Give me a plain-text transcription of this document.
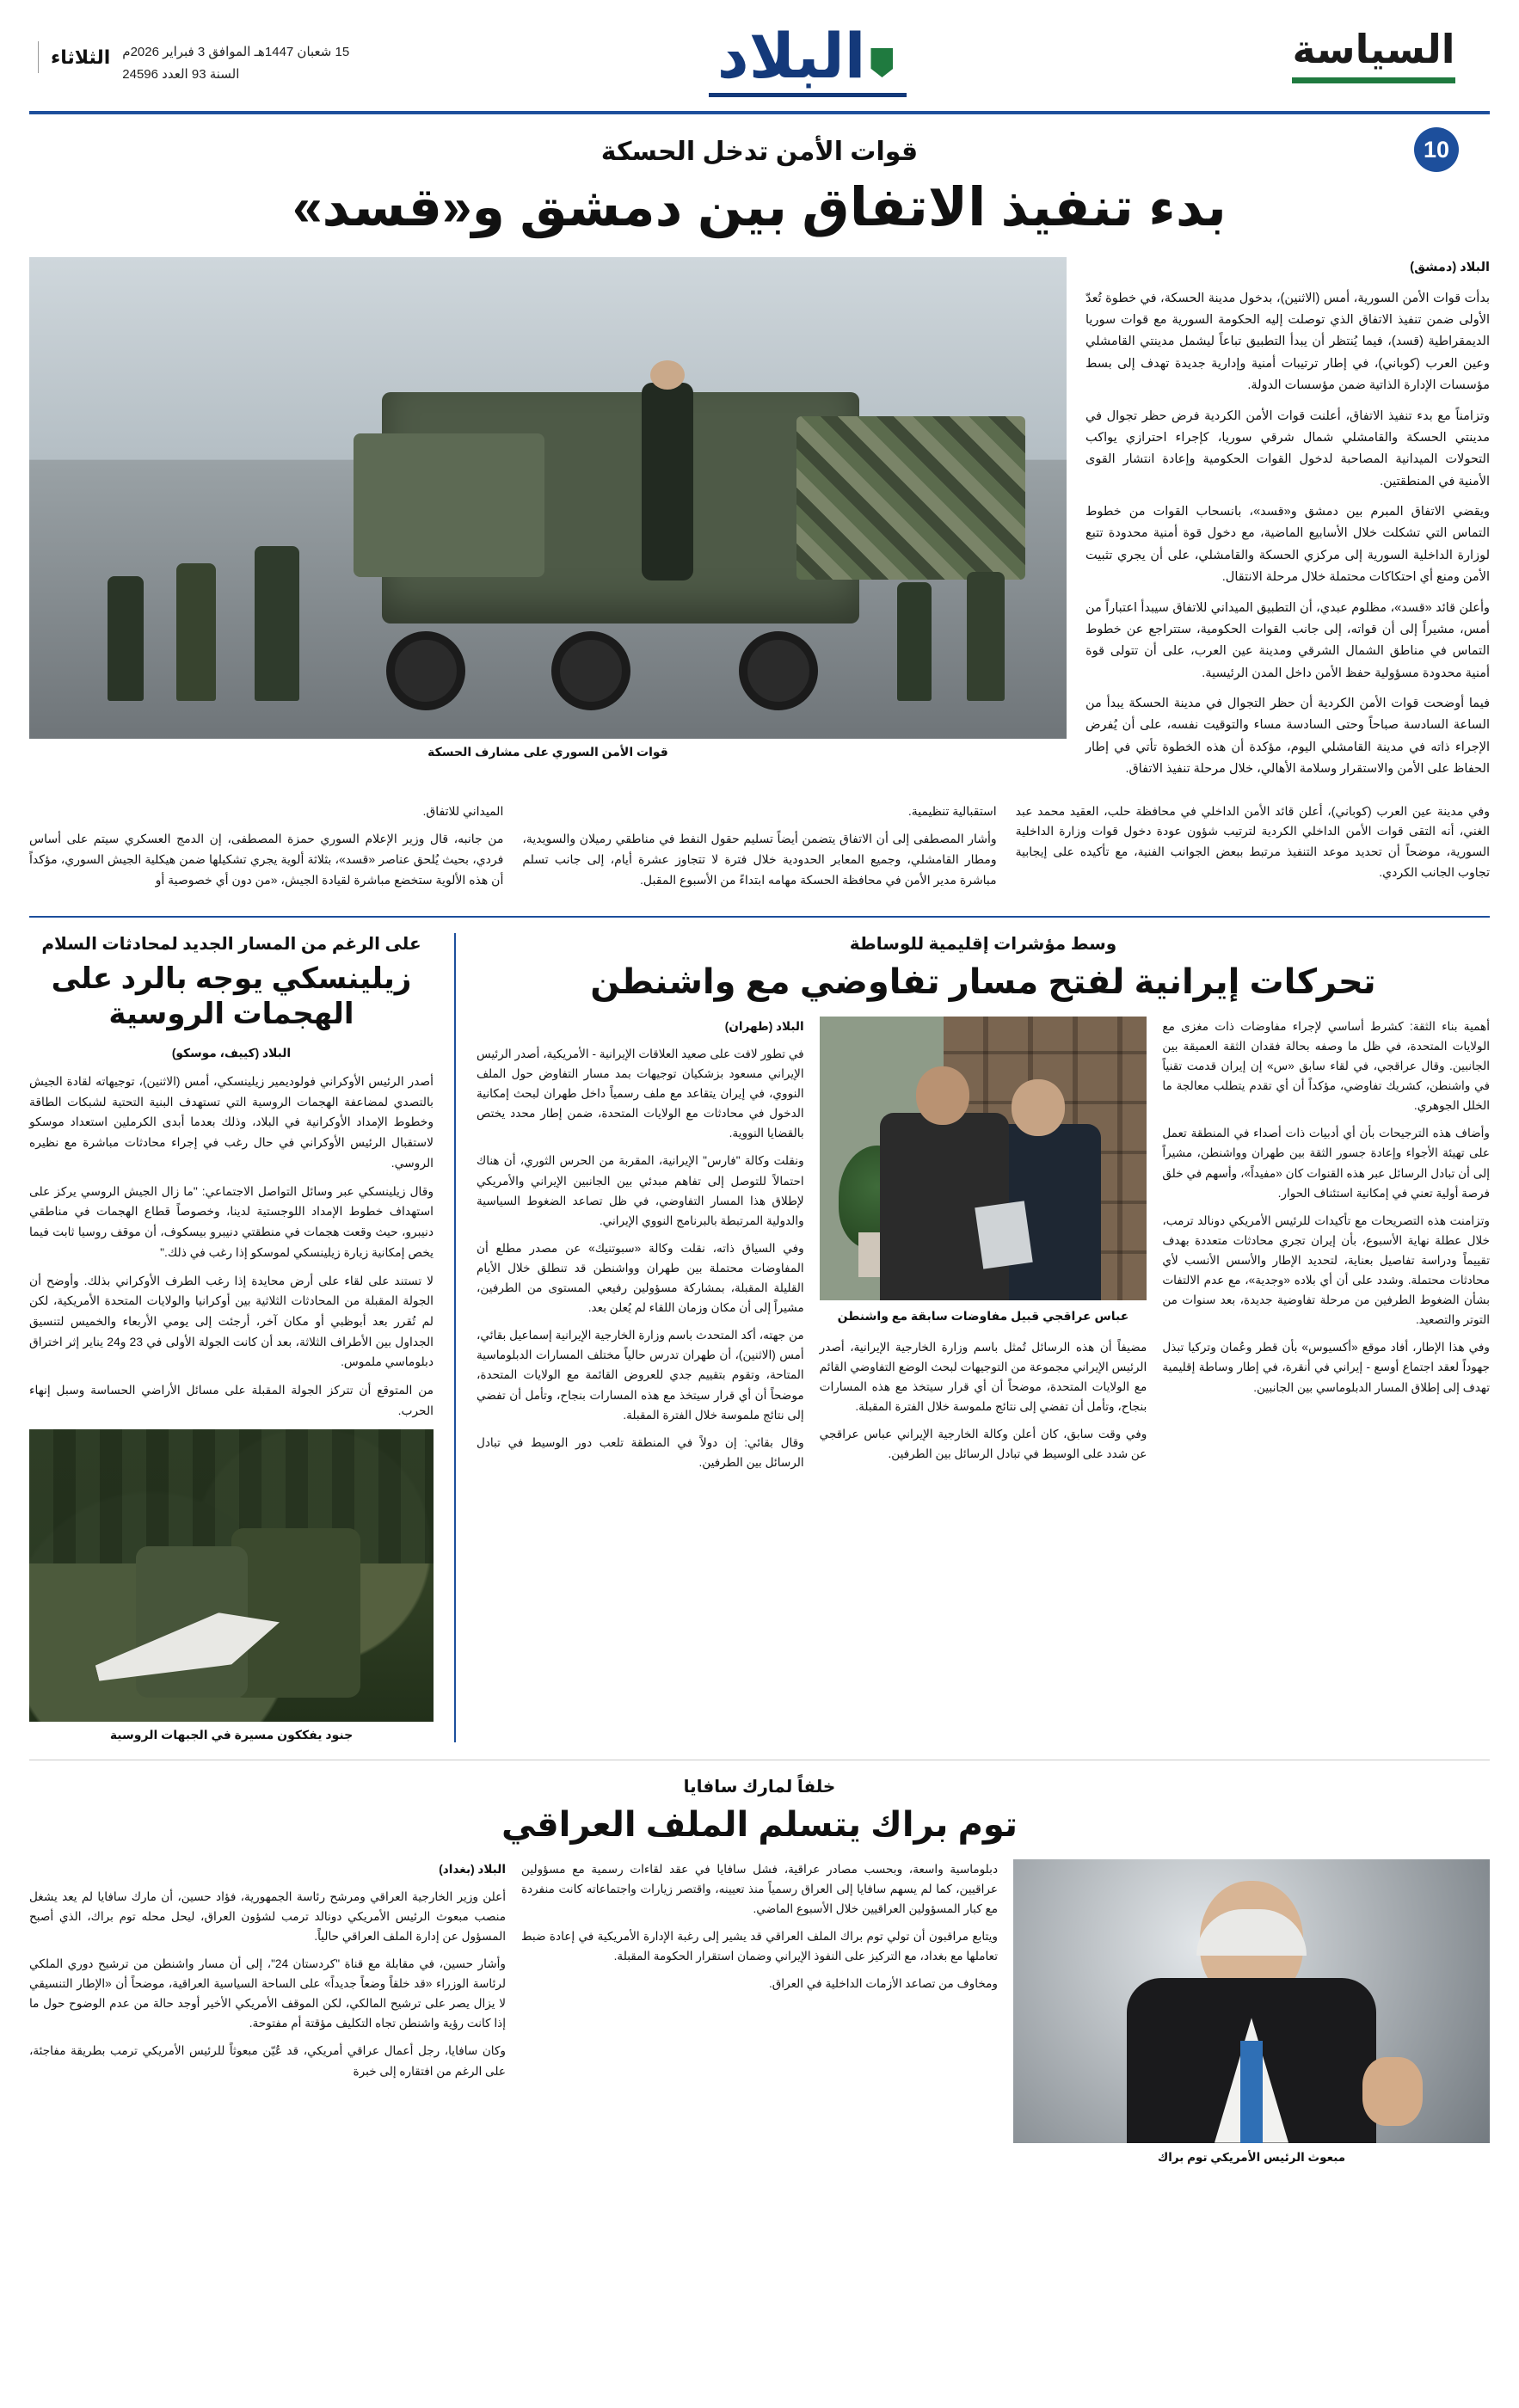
السياسة
البلاد
15 شعبان 1447هـ الموافق 3 فبراير 2026م
السنة 93 العدد 24596
الثلاثاء
10
قوات الأمن تدخل الحسكة
بدء تنفيذ الاتفاق بين دمشق و«قسد»

البلاد (دمشق)

بدأت قوات الأمن السورية، أمس (الاثنين)، بدخول مدينة الحسكة، في خطوة تُعدّ الأولى ضمن تنفيذ الاتفاق الذي توصلت إليه الحكومة السورية مع قوات سوريا الديمقراطية (قسد)، فيما يُنتظر أن يبدأ التطبيق تباعاً ليشمل مدينتي القامشلي وعين العرب (كوباني)، في إطار ترتيبات أمنية وإدارية جديدة تهدف إلى بسط مؤسسات الإدارة الذاتية ضمن مؤسسات الدولة.

وتزامناً مع بدء تنفيذ الاتفاق، أعلنت قوات الأمن الكردية فرض حظر تجوال في مدينتي الحسكة والقامشلي شمال شرقي سوريا، كإجراء احترازي يواكب التحولات الميدانية المصاحبة لدخول القوات الحكومية وإعادة انتشار القوى الأمنية في المنطقتين.

ويقضي الاتفاق المبرم بين دمشق و«قسد»، بانسحاب القوات من خطوط التماس التي تشكلت خلال الأسابيع الماضية، مع دخول قوة أمنية محدودة تتبع لوزارة الداخلية السورية إلى مركزي الحسكة والقامشلي، على أن يجري تثبيت الأمن ومنع أي احتكاكات محتملة خلال مرحلة الانتقال.

وأعلن قائد «قسد»، مظلوم عبدي، أن التطبيق الميداني للاتفاق سيبدأ اعتباراً من أمس، مشيراً إلى أن قواته، إلى جانب القوات الحكومية، ستتراجع عن خطوط التماس في مناطق الشمال الشرقي ومدينة عين العرب، على أن تتولى قوة أمنية محدودة مسؤولية حفظ الأمن داخل المدن الرئيسية.

فيما أوضحت قوات الأمن الكردية أن حظر التجوال في مدينة الحسكة يبدأ من الساعة السادسة صباحاً وحتى السادسة مساء والتوقيت نفسه، على أن يُفرض الإجراء ذاته في مدينة القامشلي اليوم، مؤكدة أن هذه الخطوة تأتي في إطار الحفاظ على الأمن والاستقرار وسلامة الأهالي، خلال مرحلة تنفيذ الاتفاق.

قوات الأمن السوري على مشارف الحسكة

وفي مدينة عين العرب (كوباني)، أعلن قائد الأمن الداخلي في محافظة حلب، العقيد محمد عبد الغني، أنه التقى قوات الأمن الداخلي الكردية لترتيب شؤون عودة دخول قوات وزارة الداخلية السورية، موضحاً أن تحديد موعد التنفيذ مرتبط ببعض الجوانب الفنية، مع تأكيده على إيجابية تجاوب الجانب الكردي.

استقبالية تنظيمية.

وأشار المصطفى إلى أن الاتفاق يتضمن أيضاً تسليم حقول النفط في مناطقي رميلان والسويدية، ومطار القامشلي، وجميع المعابر الحدودية خلال فترة لا تتجاوز عشرة أيام، إلى جانب تسلم مباشرة مدير الأمن في محافظة الحسكة مهامه ابتداءً من الأسبوع المقبل.

الميداني للاتفاق.

من جانبه، قال وزير الإعلام السوري حمزة المصطفى، إن الدمج العسكري سيتم على أساس فردي، بحيث يُلحق عناصر «قسد»، بثلاثة ألوية يجري تشكيلها ضمن هيكلية الجيش السوري، مؤكداً أن هذه الألوية ستخضع مباشرة لقيادة الجيش، «من دون أي خصوصية أو

وسط مؤشرات إقليمية للوساطة
تحركات إيرانية لفتح مسار تفاوضي مع واشنطن

أهمية بناء الثقة: كشرط أساسي لإجراء مفاوضات ذات مغزى مع الولايات المتحدة، في ظل ما وصفه بحالة فقدان الثقة العميقة بين الجانبين. وقال عراقجي، في لقاء سابق «س» إن إيران قدمت تقنياً في واشنطن، كشريك تفاوضي، مؤكداً أن أي تقدم يتطلب معالجة ما الخلل الجوهري.

وأضاف هذه الترجيحات بأن أي أدبيات ذات أصداء في المنطقة تعمل على تهيئة الأجواء وإعادة جسور الثقة بين طهران وواشنطن، مشيراً إلى أن تبادل الرسائل عبر هذه القنوات كان «مفيداً»، وأسهم في خلق فرصة أولية تعني في إمكانية استئناف الحوار.

وتزامنت هذه التصريحات مع تأكيدات للرئيس الأمريكي دونالد ترمب، خلال عطلة نهاية الأسبوع، بأن إيران تجري محادثات متعددة بهدف تقييماً ودراسة تفاصيل بعناية، لتحديد الإطار والأسس الأنسب لأي محادثات محتملة. وشدد على أن أي بلاده «وجدية»، مع عدم الالتفات بشأن الضغوط الطرفين من مرحلة تفاوضية جديدة، بعد سنوات من التوتر والتصعيد.

وفي هذا الإطار، أفاد موقع «أكسيوس» بأن قطر وعُمان وتركيا تبذل جهوداً لعقد اجتماع أوسع - إيراني في أنقرة، في إطار وساطة إقليمية تهدف إلى إطلاق المسار الدبلوماسي بين الجانبين.

عباس عراقجي قبيل مفاوضات سابقة مع واشنطن

مضيفاً أن هذه الرسائل تُمثل باسم وزارة الخارجية الإيرانية، أصدر الرئيس الإيراني مجموعة من التوجيهات لبحث الوضع التفاوضي القائم مع الولايات المتحدة، موضحاً أن أي قرار سيتخذ مع هذه المسارات بنجاح، وتأمل أن تفضي إلى نتائج ملموسة خلال الفترة المقبلة.

وفي وقت سابق، كان أعلن وكالة الخارجية الإيراني عباس عراقجي عن شدد على الوسيط في تبادل الرسائل بين الطرفين.

البلاد (طهران)

في تطور لافت على صعيد العلاقات الإيرانية - الأمريكية، أصدر الرئيس الإيراني مسعود بزشكيان توجيهات بمد مسار التفاوض حول الملف النووي، في إيران يتقاعد مع ملف رسمياً داخل طهران لبحث إمكانية الدخول في محادثات مع الولايات المتحدة، ضمن إطار محدد يختص بالقضايا النووية.

ونقلت وكالة "فارس" الإيرانية، المقربة من الحرس الثوري، أن هناك احتمالاً للتوصل إلى تفاهم مبدئي بين الجانبين الإيراني والأمريكي لإطلاق هذا المسار التفاوضي، في ظل تصاعد الضغوط السياسية والدولية المرتبطة بالبرنامج النووي الإيراني.

وفي السياق ذاته، نقلت وكالة «سبوتنيك» عن مصدر مطلع أن المفاوضات محتملة بين طهران وواشنطن قد تنطلق خلال الأيام القليلة المقبلة، بمشاركة مسؤولين رفيعي المستوى من الطرفين، مشيراً إلى أن مكان وزمان اللقاء لم يُعلن بعد.

من جهته، أكد المتحدث باسم وزارة الخارجية الإيرانية إسماعيل بقائي، أمس (الاثنين)، أن طهران تدرس حالياً مختلف المسارات الدبلوماسية المتاحة، وتقوم بتقييم جدي للعروض القائمة مع الولايات المتحدة، موضحاً أن أي قرار سيتخذ مع هذه المسارات بنجاح، وتأمل أن تفضي إلى نتائج ملموسة خلال الفترة المقبلة.

وقال بقائي: إن دولاً في المنطقة تلعب دور الوسيط في تبادل الرسائل بين الطرفين.

على الرغم من المسار الجديد لمحادثات السلام
زيلينسكي يوجه بالرد على الهجمات الروسية

البلاد (كييف، موسكو)

أصدر الرئيس الأوكراني فولوديمير زيلينسكي، أمس (الاثنين)، توجيهاته لقادة الجيش بالتصدي لمضاعفة الهجمات الروسية التي تستهدف البنية التحتية لشبكات الطاقة وخطوط الإمداد الأوكرانية في البلاد، وذلك بعدما أبدى الكرملين استعداد موسكو لاستقبال الرئيس الأوكراني في حال رغب في إجراء محادثات مباشرة مع نظيره الروسي.

وقال زيلينسكي عبر وسائل التواصل الاجتماعي: "ما زال الجيش الروسي يركز على استهداف خطوط الإمداد اللوجستية لدينا، وخصوصاً قطاع الهجمات في مناطقي دنيبرو، حيث وقعت هجمات في منطقتي دنيبرو بيسكوف، أن موقف روسيا ثابت فيما يخص إمكانية زيارة زيلينسكي لموسكو إذا رغب في ذلك."

لا تستند على لقاء على أرض محايدة إذا رغب الطرف الأوكراني بذلك. وأوضح أن الجولة المقبلة من المحادثات الثلاثية بين أوكرانيا والولايات المتحدة الأمريكية، لكن لم تُقرر بعد أبوظبي أو مكان آخر، أرجئت إلى يومي الأربعاء والخميس لتنسيق الجداول بين الأطراف الثلاثة، بعد أن كانت الجولة الأولى في 23 و24 يناير إثر اختراق دبلوماسي ملموس.

من المتوقع أن تتركز الجولة المقبلة على مسائل الأراضي الحساسة وسبل إنهاء الحرب.

جنود يفككون مسيرة في الجبهات الروسية
خلفاً لمارك سافايا
توم براك يتسلم الملف العراقي
مبعوث الرئيس الأمريكي توم براك

دبلوماسية واسعة، وبحسب مصادر عراقية، فشل سافايا في عقد لقاءات رسمية مع مسؤولين عراقيين، كما لم يسهم سافايا إلى العراق رسمياً منذ تعيينه، واقتصر زيارات واجتماعاته كانت منفردة مع كبار المسؤولين العراقيين خلال الأسبوع الماضي.

ويتابع مراقبون أن تولي توم براك الملف العراقي قد يشير إلى رغبة الإدارة الأمريكية في إعادة ضبط تعاملها مع بغداد، مع التركيز على النفوذ الإيراني وضمان استقرار الحكومة المقبلة.

ومخاوف من تصاعد الأزمات الداخلية في العراق.

البلاد (بغداد)

أعلن وزير الخارجية العراقي ومرشح رئاسة الجمهورية، فؤاد حسين، أن مارك سافايا لم يعد يشغل منصب مبعوث الرئيس الأمريكي دونالد ترمب لشؤون العراق، ليحل محله توم براك، الذي أصبح المسؤول عن إدارة الملف العراقي حالياً.

وأشار حسين، في مقابلة مع قناة "كردستان 24"، إلى أن مسار واشنطن من ترشيح دوري الملكي لرئاسة الوزراء «قد خلقاً وضعاً جديداً» على الساحة السياسية العراقية، موضحاً أن «الإطار التنسيقي لا يزال يصر على ترشيح المالكي، لكن الموقف الأمريكي الأخير أوجد حالة من عدم الوضوح حول ما إذا كانت رؤية واشنطن تجاه التكليف مؤقتة أم مفتوحة.

وكان سافايا، رجل أعمال عراقي أمريكي، قد عُيّن مبعوثاً للرئيس الأمريكي ترمب بطريقة مفاجئة، على الرغم من افتقاره إلى خبرة
